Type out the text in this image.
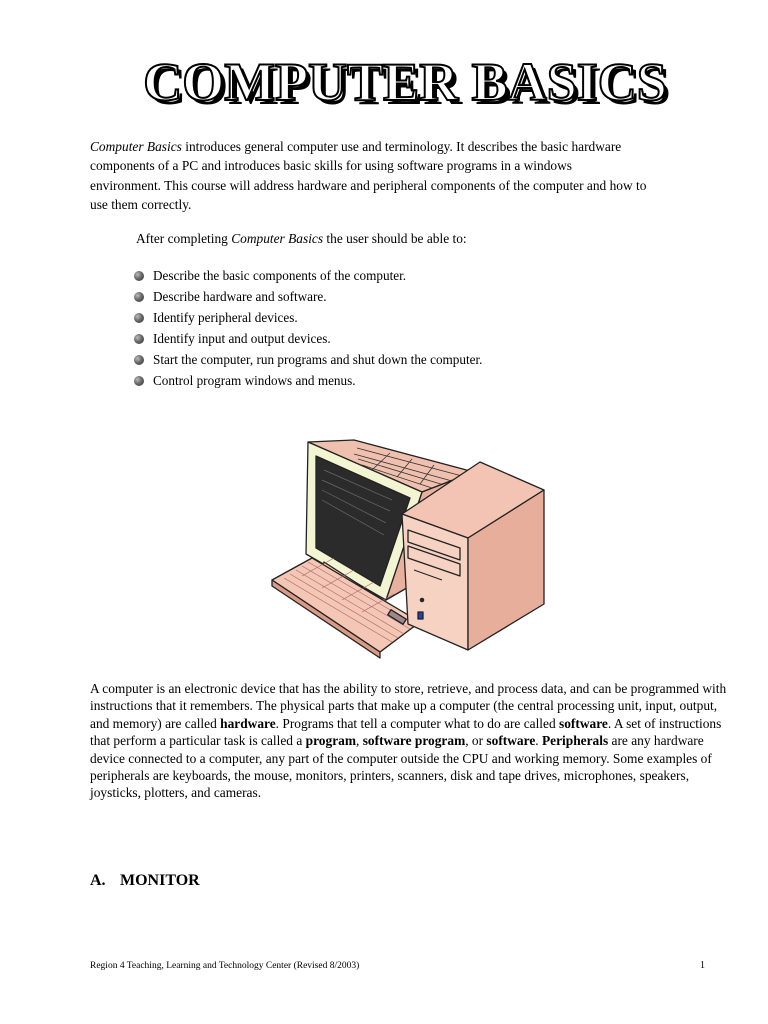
COMPUTER BASICS

Computer Basics introduces general computer use and terminology. It describes the basic hardware

components of a PC and introduces basic skills for using software programs in a windows

environment. This course will address hardware and peripheral components of the computer and how to

use them correctly.

After completing Computer Basics the user should be able to:
Describe the basic components of the computer.
Describe hardware and software.
Identify peripheral devices.
Identify input and output devices.
Start the computer, run programs and shut down the computer.
Control program windows and menus.
A computer is an electronic device that has the ability to store, retrieve, and process data, and can be programmed with instructions that it remembers. The physical parts that make up a computer (the central processing unit, input, output, and memory) are called hardware. Programs that tell a computer what to do are called software. A set of instructions that perform a particular task is called a program, software program, or software. Peripherals are any hardware device connected to a computer, any part of the computer outside the CPU and working memory. Some examples of peripherals are keyboards, the mouse, monitors, printers, scanners, disk and tape drives, microphones, speakers, joysticks, plotters, and cameras.
A. MONITOR
Region 4 Teaching, Learning and Technology Center (Revised 8/2003)	1
